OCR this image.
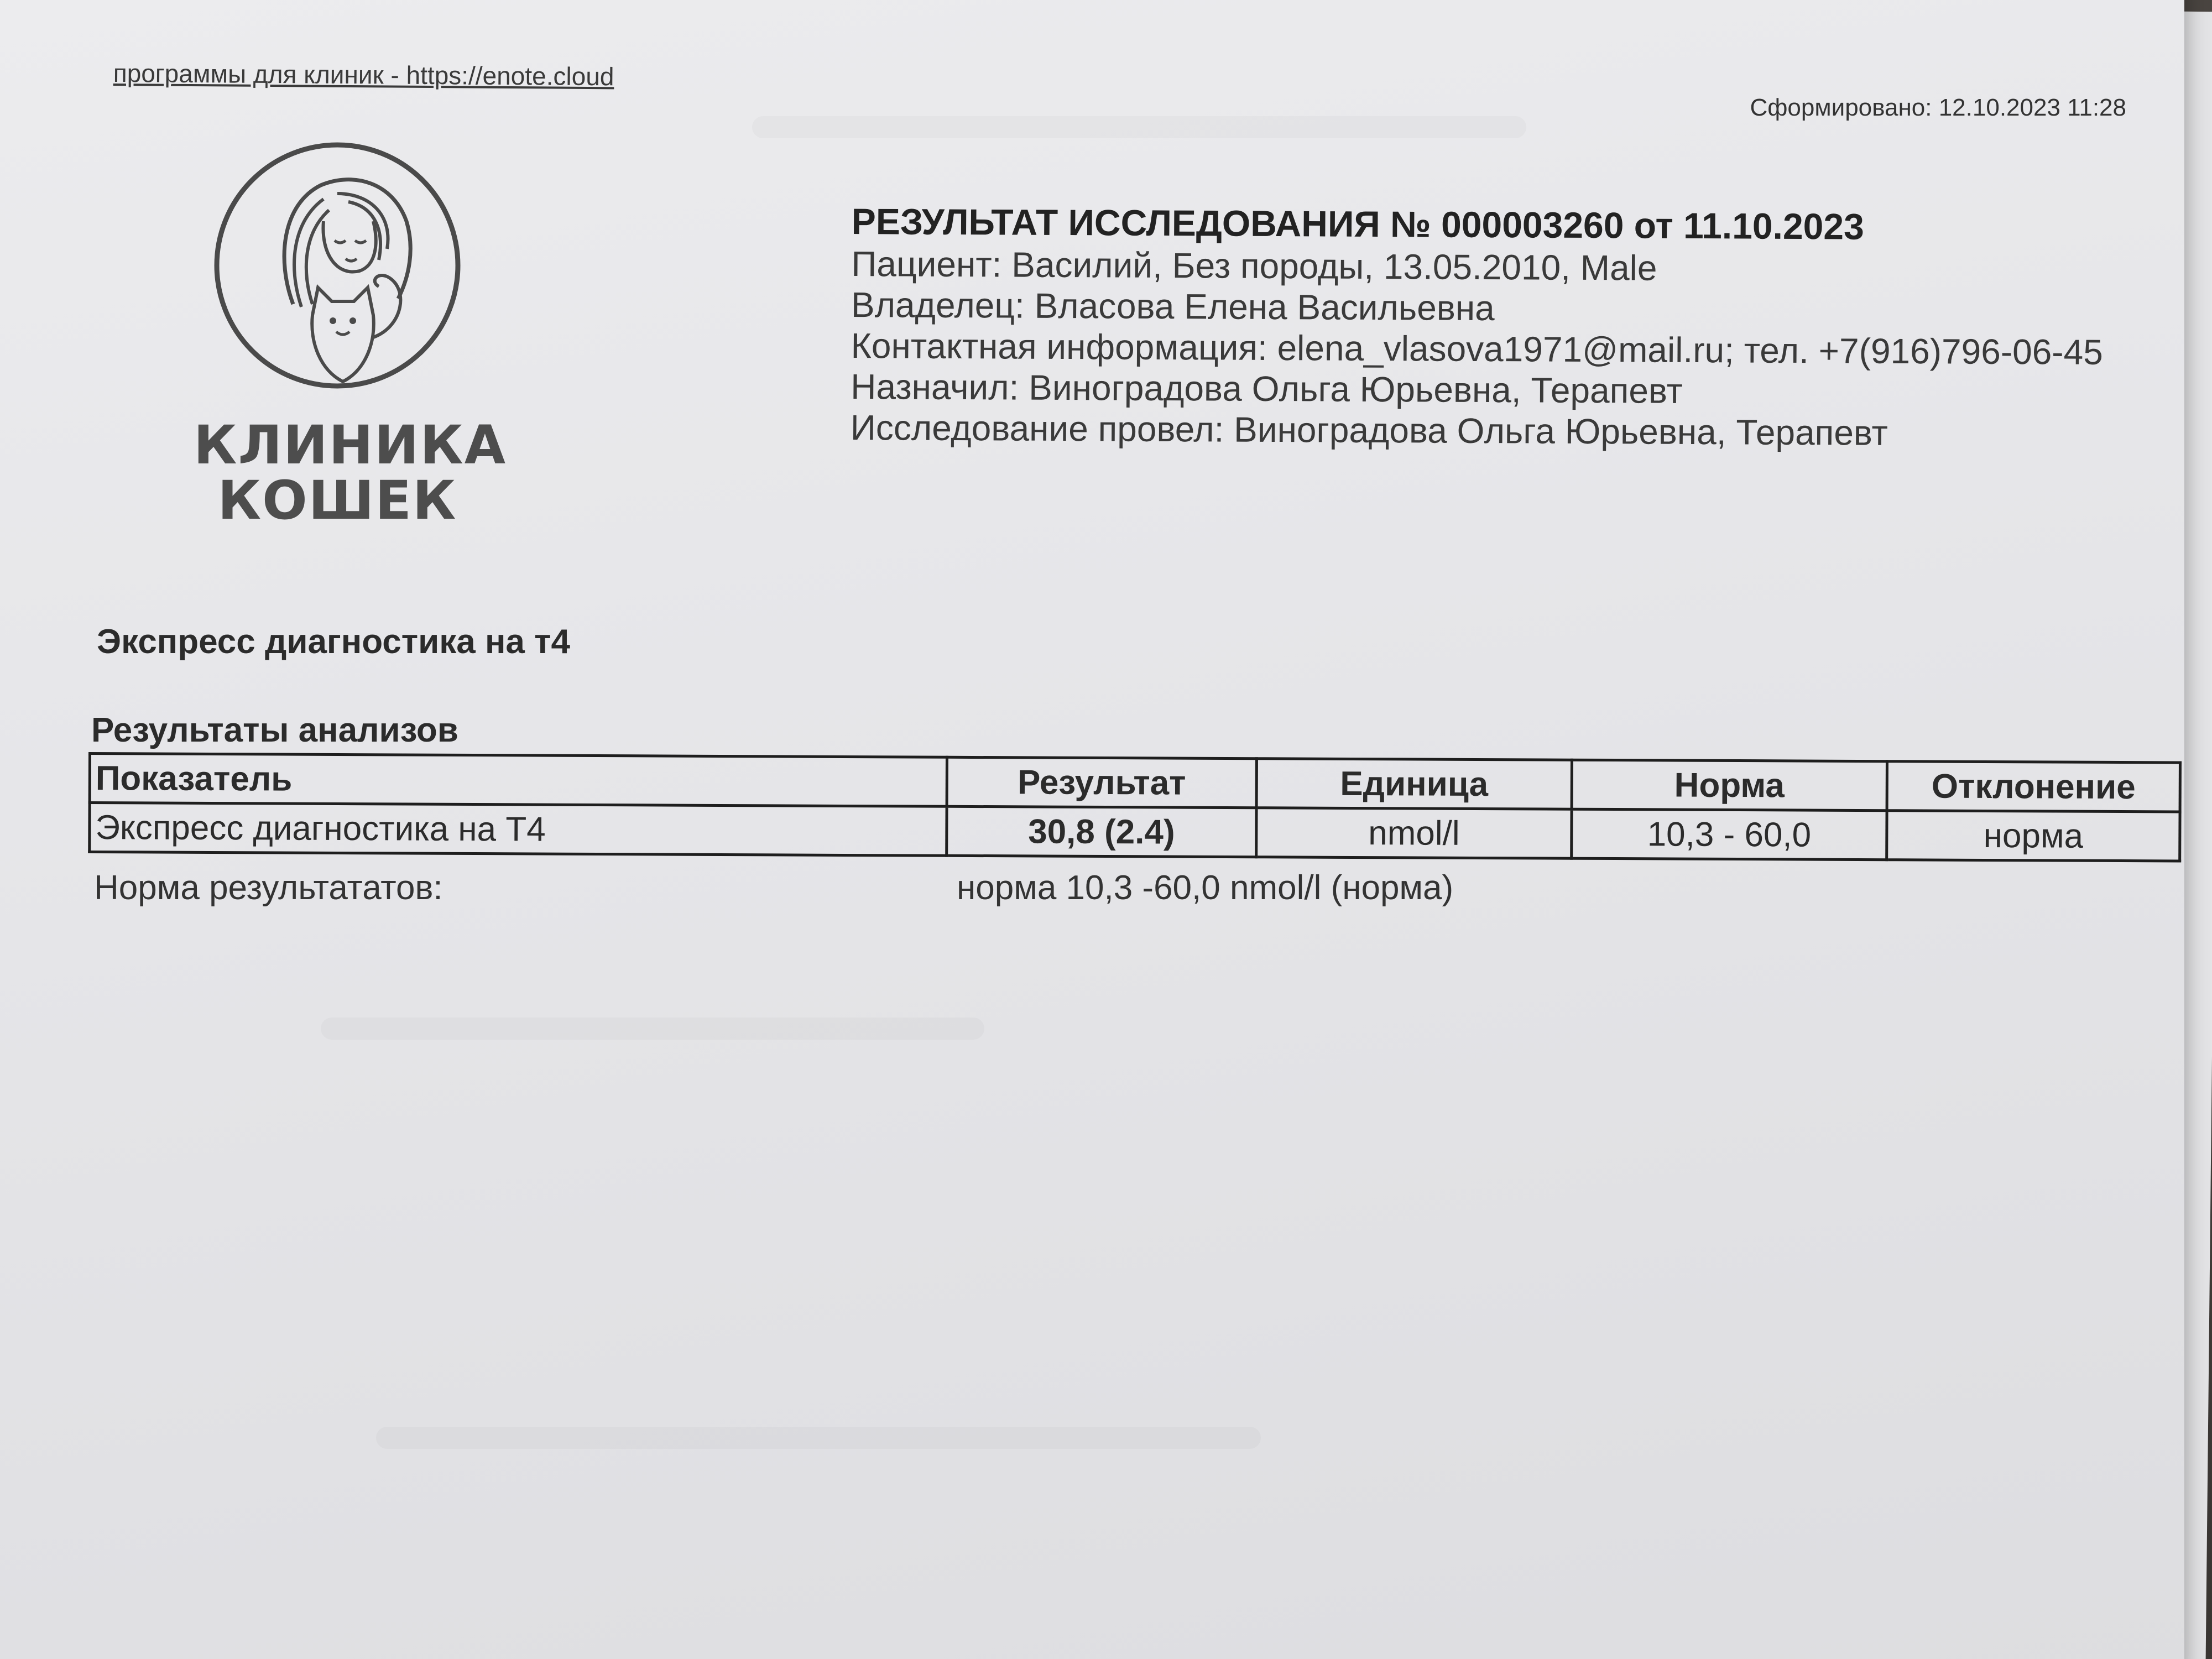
программы для клиник - https://enote.cloud
Сформировано: 12.10.2023 11:28
КЛИНИКА
КОШЕК
РЕЗУЛЬТАТ ИССЛЕДОВАНИЯ № 000003260 от 11.10.2023
Пациент: Василий, Без породы, 13.05.2010, Male
Владелец: Власова Елена Васильевна
Контактная информация: elena_vlasova1971@mail.ru; тел. +7(916)796-06-45
Назначил: Виноградова Ольга Юрьевна, Терапевт
Исследование провел: Виноградова Ольга Юрьевна, Терапевт
Экспресс диагностика на т4
Результаты анализов
Показатель	Результат	Единица	Норма	Отклонение
Экспресс диагностика на Т4	30,8 (2.4)	nmol/l	10,3 - 60,0	норма
Норма результататов:	норма 10,3 -60,0 nmol/l (норма)
